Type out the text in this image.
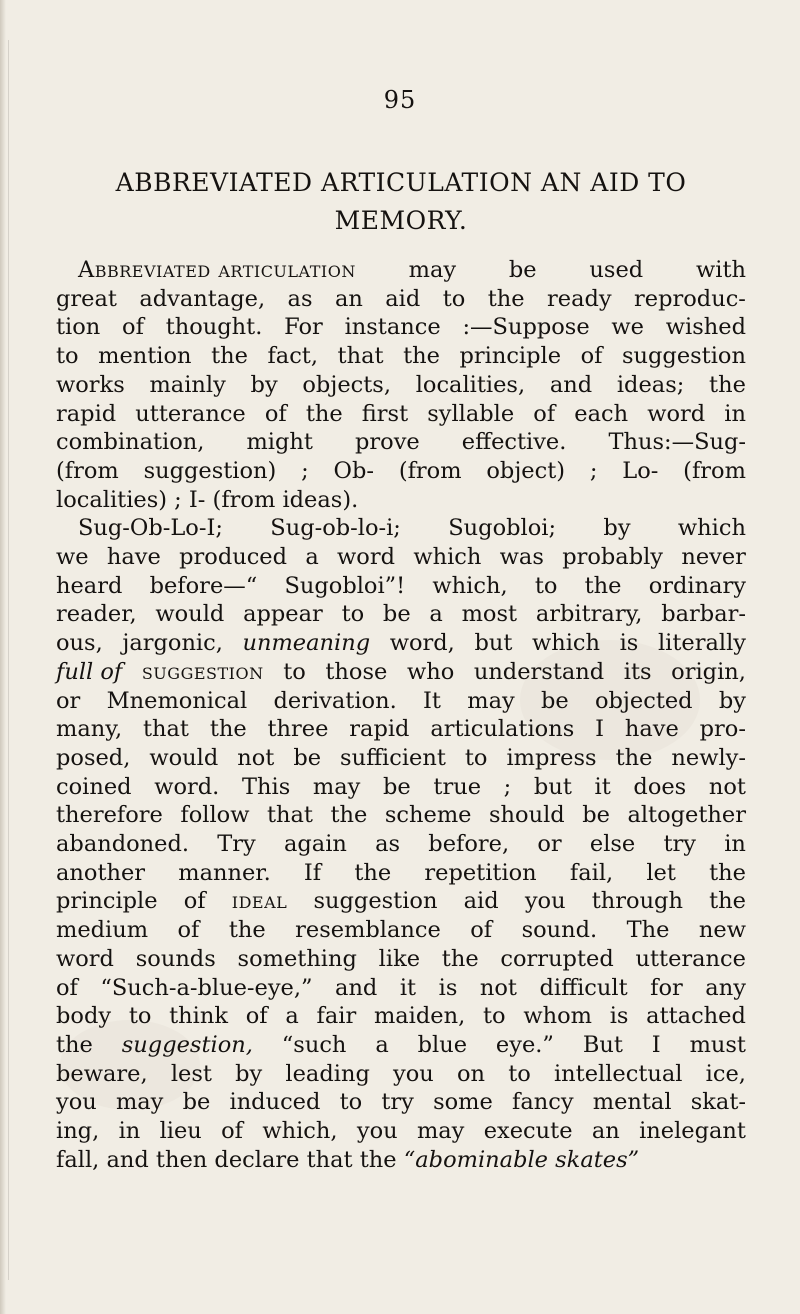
95
ABBREVIATED ARTICULATION AN AID TO
MEMORY.
Abbreviated articulation may be used with
great advantage, as an aid to the ready reproduc-
tion of thought. For instance :—Suppose we wished
to mention the fact, that the principle of suggestion
works mainly by objects, localities, and ideas; the
rapid utterance of the first syllable of each word in
combination, might prove effective. Thus:—Sug-
(from suggestion) ; Ob- (from object) ; Lo- (from
localities) ; I- (from ideas).
Sug-Ob-Lo-I; Sug-ob-lo-i; Sugobloi; by which
we have produced a word which was probably never
heard before—“ Sugobloi”! which, to the ordinary
reader, would appear to be a most arbitrary, barbar-
ous, jargonic, unmeaning word, but which is literally
full of suggestion to those who understand its origin,
or Mnemonical derivation. It may be objected by
many, that the three rapid articulations I have pro-
posed, would not be sufficient to impress the newly-
coined word. This may be true ; but it does not
therefore follow that the scheme should be altogether
abandoned. Try again as before, or else try in
another manner. If the repetition fail, let the
principle of ideal suggestion aid you through the
medium of the resemblance of sound. The new
word sounds something like the corrupted utterance
of “Such-a-blue-eye,” and it is not difficult for any
body to think of a fair maiden, to whom is attached
the suggestion, “such a blue eye.” But I must
beware, lest by leading you on to intellectual ice,
you may be induced to try some fancy mental skat-
ing, in lieu of which, you may execute an inelegant
fall, and then declare that the “abominable skates”
